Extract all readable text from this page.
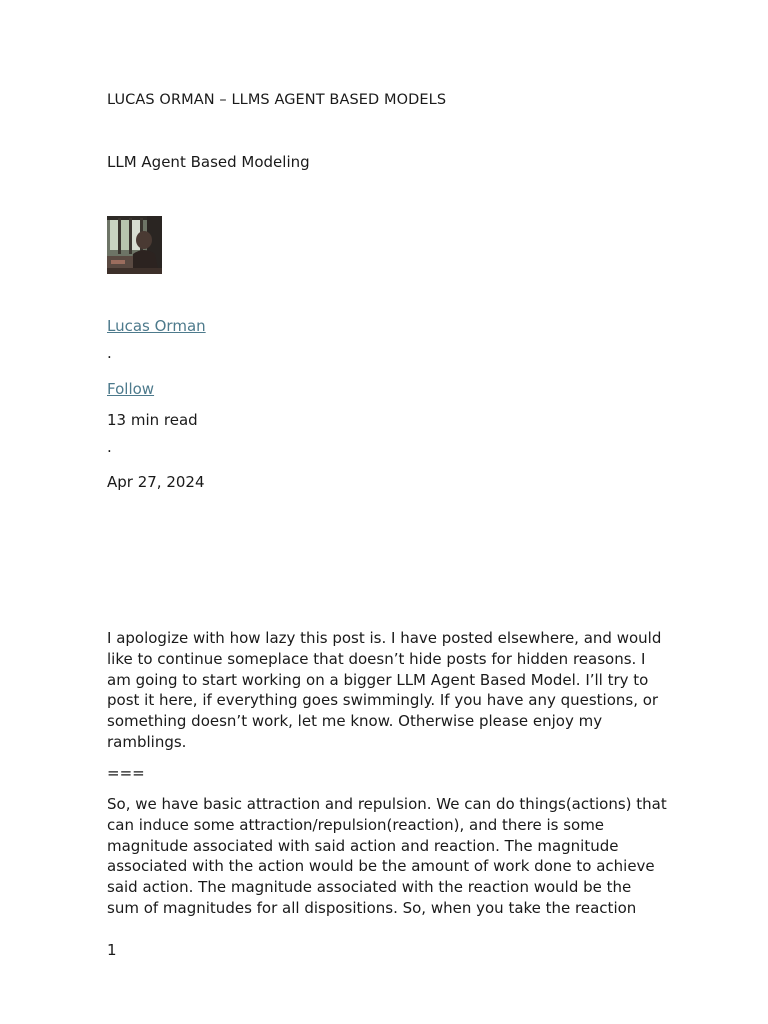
LUCAS ORMAN – LLMS AGENT BASED MODELS
LLM Agent Based Modeling
Lucas Orman
.
Follow
13 min read
.
Apr 27, 2024

I apologize with how lazy this post is. I have posted elsewhere, and would like to continue someplace that doesn’t hide posts for hidden reasons. I am going to start working on a bigger LLM Agent Based Model. I’ll try to post it here, if everything goes swimmingly. If you have any questions, or something doesn’t work, let me know. Otherwise please enjoy my ramblings.

===

So, we have basic attraction and repulsion. We can do things(actions) that can induce some attraction/repulsion(reaction), and there is some magnitude associated with said action and reaction. The magnitude associated with the action would be the amount of work done to achieve said action. The magnitude associated with the reaction would be the sum of magnitudes for all dispositions. So, when you take the reaction

1
